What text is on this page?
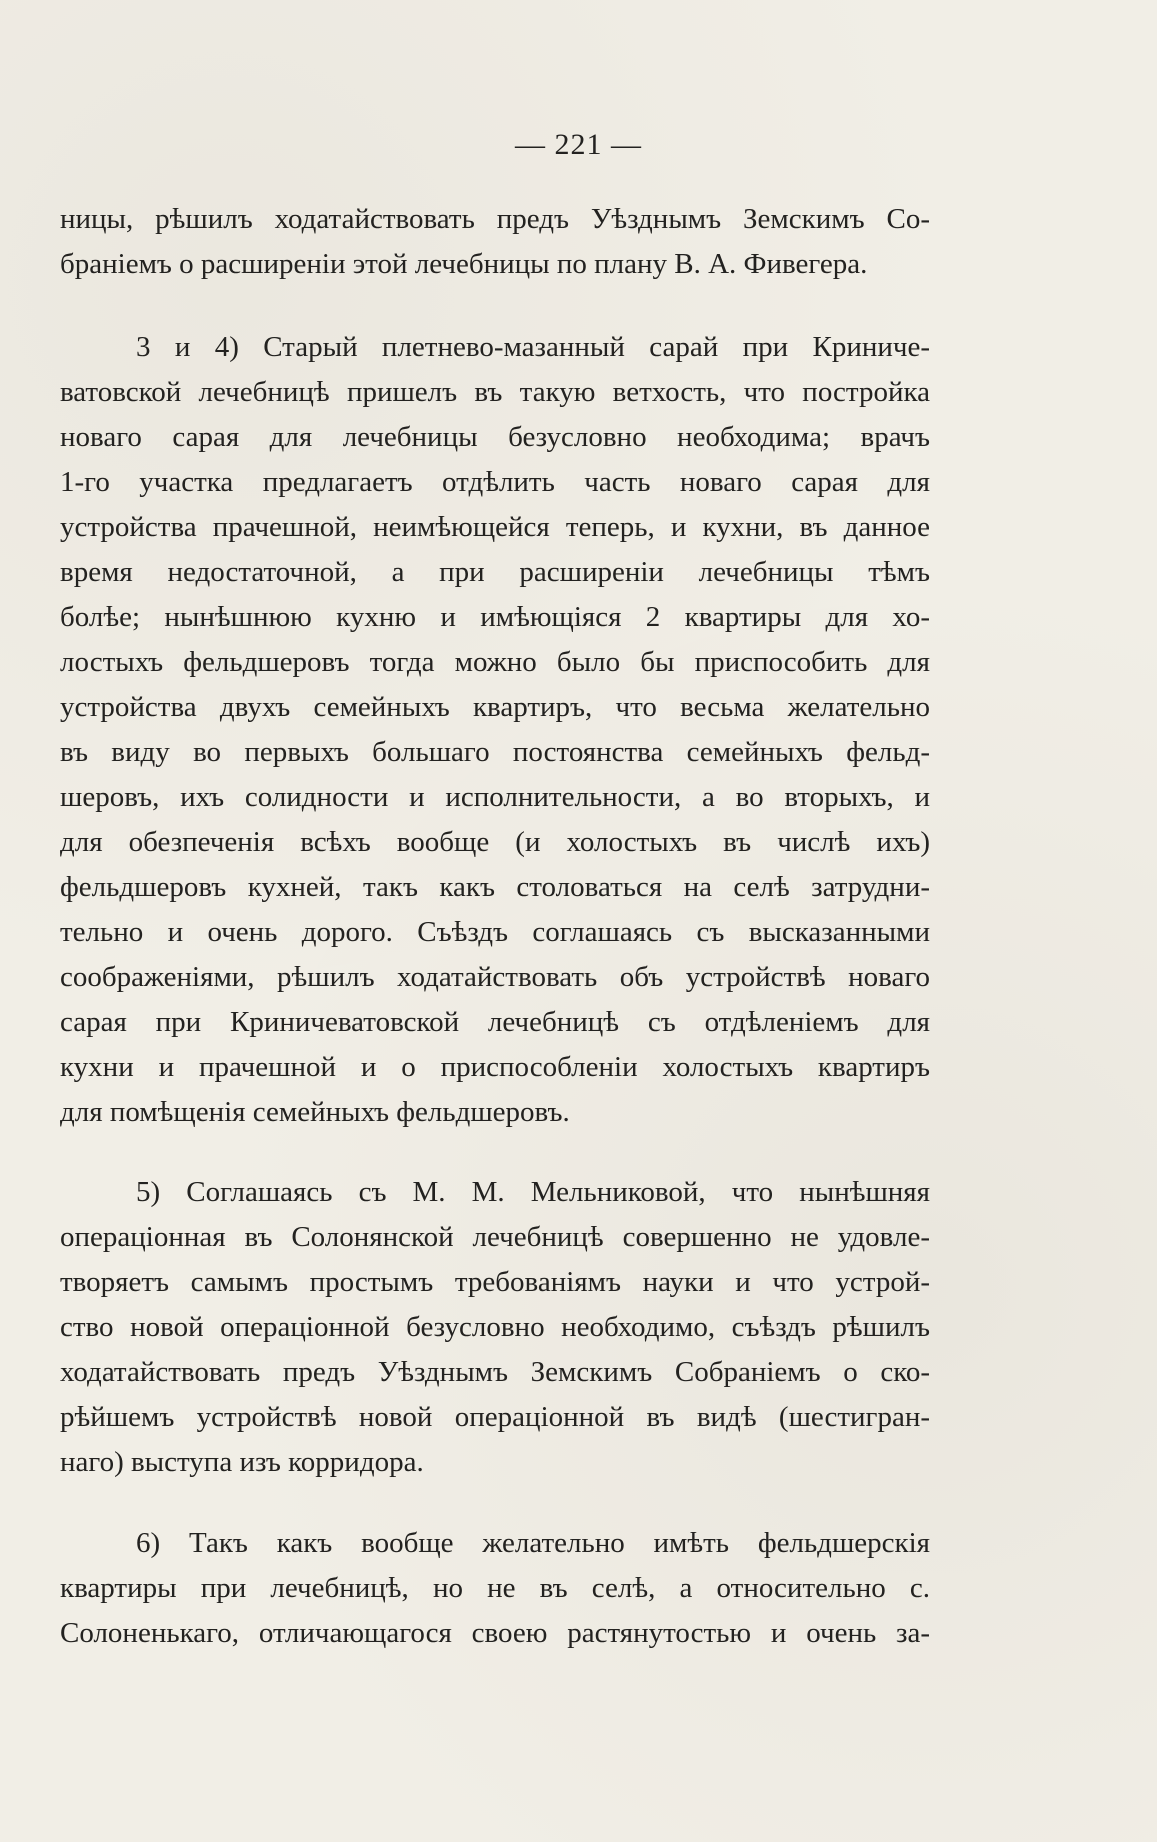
— 221 —
ницы, рѣшилъ ходатайствовать предъ Уѣзднымъ Земскимъ Со-
браніемъ о расширеніи этой лечебницы по плану В. А. Фивегера.
3 и 4) Старый плетнево-мазанный сарай при Криниче-
ватовской лечебницѣ пришелъ въ такую ветхость, что постройка
новаго сарая для лечебницы безусловно необходима; врачъ
1-го участка предлагаетъ отдѣлить часть новаго сарая для
устройства прачешной, неимѣющейся теперь, и кухни, въ данное
время недостаточной, а при расширеніи лечебницы тѣмъ
болѣе; нынѣшнюю кухню и имѣющіяся 2 квартиры для хо-
лостыхъ фельдшеровъ тогда можно было бы приспособить для
устройства двухъ семейныхъ квартиръ, что весьма желательно
въ виду во первыхъ большаго постоянства семейныхъ фельд-
шеровъ, ихъ солидности и исполнительности, а во вторыхъ, и
для обезпеченія всѣхъ вообще (и холостыхъ въ числѣ ихъ)
фельдшеровъ кухней, такъ какъ столоваться на селѣ затрудни-
тельно и очень дорого. Съѣздъ соглашаясь съ высказанными
соображеніями, рѣшилъ ходатайствовать объ устройствѣ новаго
сарая при Криничеватовской лечебницѣ съ отдѣленіемъ для
кухни и прачешной и о приспособленіи холостыхъ квартиръ
для помѣщенія семейныхъ фельдшеровъ.
5) Соглашаясь съ М. М. Мельниковой, что нынѣшняя
операціонная въ Солонянской лечебницѣ совершенно не удовле-
творяетъ самымъ простымъ требованіямъ науки и что устрой-
ство новой операціонной безусловно необходимо, съѣздъ рѣшилъ
ходатайствовать предъ Уѣзднымъ Земскимъ Собраніемъ о ско-
рѣйшемъ устройствѣ новой операціонной въ видѣ (шестигран-
наго) выступа изъ корридора.
6) Такъ какъ вообще желательно имѣть фельдшерскія
квартиры при лечебницѣ, но не въ селѣ, а относительно с.
Солоненькаго, отличающагося своею растянутостью и очень за-
